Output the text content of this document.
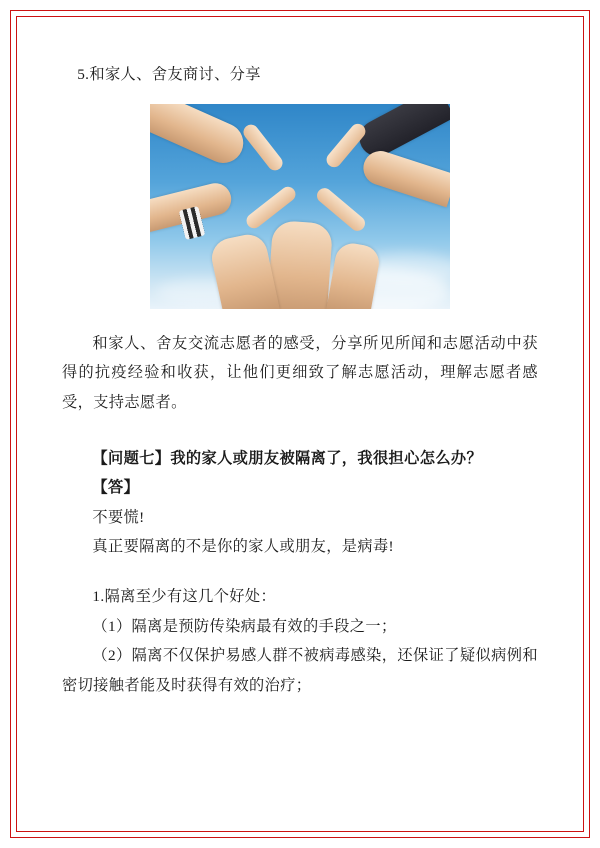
5.和家人、舍友商讨、分享

和家人、舍友交流志愿者的感受，分享所见所闻和志愿活动中获得的抗疫经验和收获，让他们更细致了解志愿活动，理解志愿者感受，支持志愿者。

【问题七】我的家人或朋友被隔离了，我很担心怎么办？

【答】

不要慌!

真正要隔离的不是你的家人或朋友，是病毒!

1.隔离至少有这几个好处：

（1）隔离是预防传染病最有效的手段之一；

（2）隔离不仅保护易感人群不被病毒感染，还保证了疑似病例和密切接触者能及时获得有效的治疗；
